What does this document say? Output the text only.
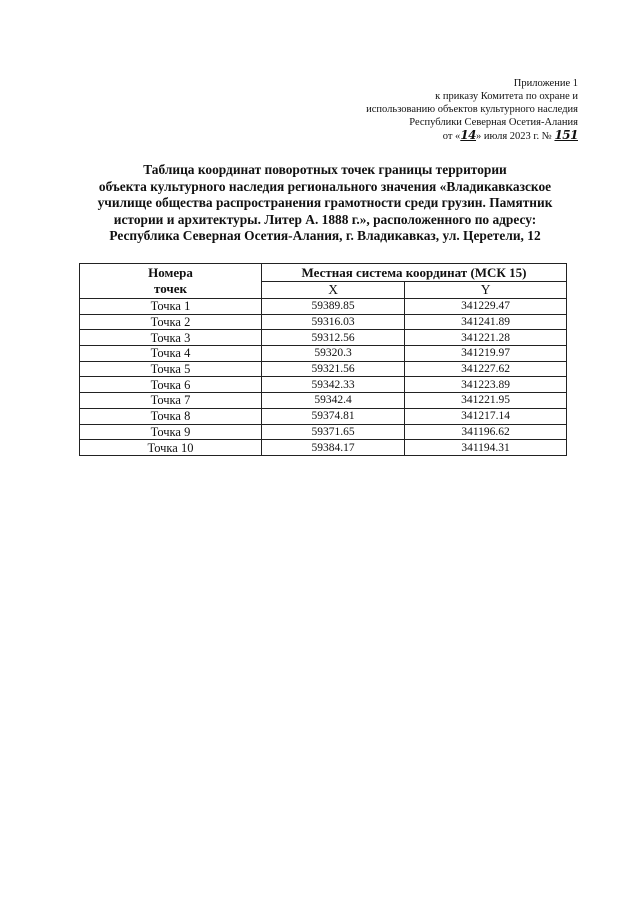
Приложение 1
к приказу Комитета по охране и
использованию объектов культурного наследия
Республики Северная Осетия-Алания
от «14» июля 2023 г. № 151
Таблица координат поворотных точек границы территории
объекта культурного наследия регионального значения «Владикавказское
училище общества распространения грамотности среди грузин. Памятник
истории и архитектуры. Литер А. 1888 г.», расположенного по адресу:
Республика Северная Осетия-Алания, г. Владикавказ, ул. Церетели, 12
Номера
точек	Местная система координат (МСК 15)	
	X	Y
Точка 1	59389.85	341229.47
Точка 2	59316.03	341241.89
Точка 3	59312.56	341221.28
Точка 4	59320.3	341219.97
Точка 5	59321.56	341227.62
Точка 6	59342.33	341223.89
Точка 7	59342.4	341221.95
Точка 8	59374.81	341217.14
Точка 9	59371.65	341196.62
Точка 10	59384.17	341194.31
